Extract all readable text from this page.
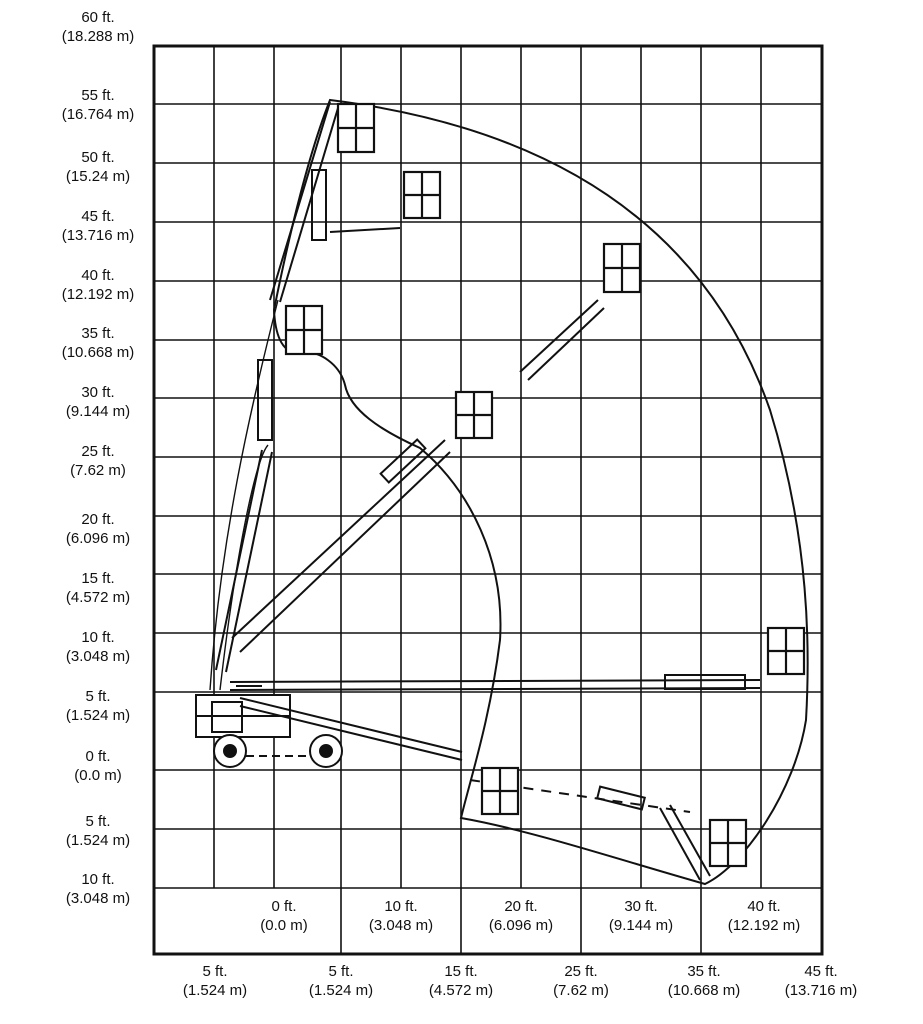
60 ft.
(18.288 m)
55 ft.
(16.764 m)
50 ft.
(15.24 m)
45 ft.
(13.716 m)
40 ft.
(12.192 m)
35 ft.
(10.668 m)
30 ft.
(9.144 m)
25 ft.
(7.62 m)
20 ft.
(6.096 m)
15 ft.
(4.572 m)
10 ft.
(3.048 m)
5 ft.
(1.524 m)
0 ft.
(0.0 m)
5 ft.
(1.524 m)
10 ft.
(3.048 m)	0 ft.
(0.0 m)
10 ft.
(3.048 m)
20 ft.
(6.096 m)
30 ft.
(9.144 m)
40 ft.
(12.192 m)
5 ft.
(1.524 m)
5 ft.
(1.524 m)
15 ft.
(4.572 m)
25 ft.
(7.62 m)
35 ft.
(10.668 m)
45 ft.
(13.716 m)
